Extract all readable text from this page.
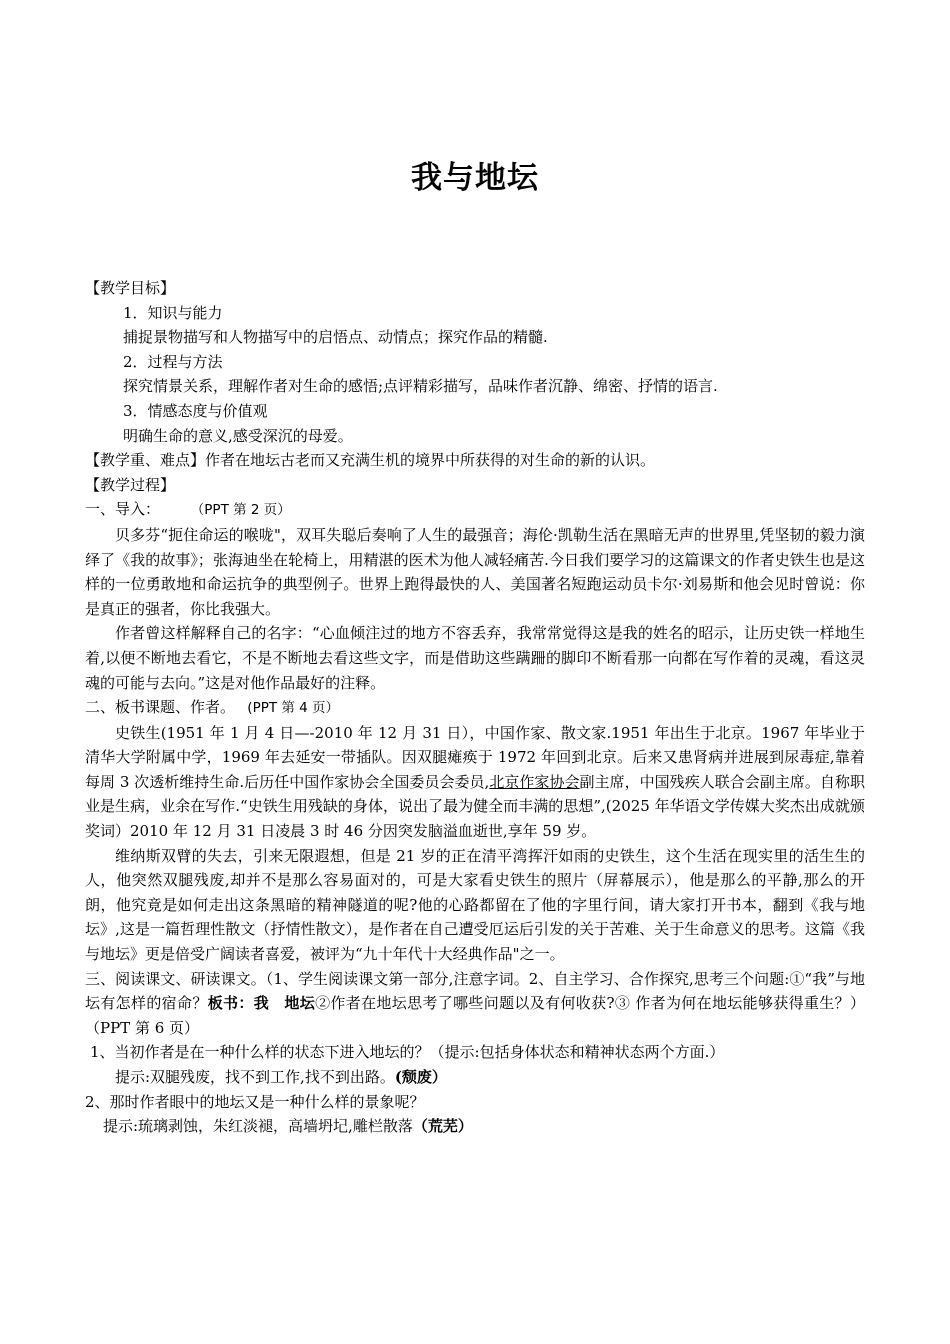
我与地坛

【教学目标】

1．知识与能力

捕捉景物描写和人物描写中的启悟点、动情点；探究作品的精髓.

2．过程与方法

探究情景关系，理解作者对生命的感悟;点评精彩描写，品味作者沉静、绵密、抒情的语言.

3．情感态度与价值观

明确生命的意义,感受深沉的母爱。

【教学重、难点】作者在地坛古老而又充满生机的境界中所获得的对生命的新的认识。

【教学过程】

一、导入：　　　	（PPT 第 2 页）

贝多芬“扼住命运的喉咙"，双耳失聪后奏响了人生的最强音；海伦·凯勒生活在黑暗无声的世界里,凭坚韧的毅力演绎了《我的故事》；张海迪坐在轮椅上，用精湛的医术为他人减轻痛苦.今日我们要学习的这篇课文的作者史铁生也是这样的一位勇敢地和命运抗争的典型例子。世界上跑得最快的人、美国著名短跑运动员卡尔·刘易斯和他会见时曾说：你是真正的强者，你比我强大。

作者曾这样解释自己的名字：“心血倾注过的地方不容丢弃，我常常觉得这是我的姓名的昭示，让历史铁一样地生着,以便不断地去看它，不是不断地去看这些文字，而是借助这些蹒跚的脚印不断看那一向都在写作着的灵魂，看这灵魂的可能与去向。”这是对他作品最好的注释。

二、板书课题、作者。　 (PPT 第 4 页）

史铁生(1951 年 1 月 4 日—-2010 年 12 月 31 日），中国作家、散文家.1951 年出生于北京。1967 年毕业于清华大学附属中学，1969 年去延安一带插队。因双腿瘫痪于 1972 年回到北京。后来又患肾病并进展到尿毒症,靠着每周 3 次透析维持生命.后历任中国作家协会全国委员会委员,北京作家协会副主席，中国残疾人联合会副主席。自称职业是生病，业余在写作.“史铁生用残缺的身体，说出了最为健全而丰满的思想”,(2025 年华语文学传媒大奖杰出成就颁奖词）2010 年 12 月 31 日凌晨 3 时 46 分因突发脑溢血逝世,享年 59 岁。

维纳斯双臂的失去，引来无限遐想，但是 21 岁的正在清平湾挥汗如雨的史铁生，这个生活在现实里的活生生的人，他突然双腿残废,却并不是那么容易面对的，可是大家看史铁生的照片（屏幕展示），他是那么的平静,那么的开朗，他究竟是如何走出这条黑暗的精神隧道的呢?他的心路都留在了他的字里行间，请大家打开书本，翻到《我与地坛》,这是一篇哲理性散文（抒情性散文），是作者在自己遭受厄运后引发的关于苦难、关于生命意义的思考。这篇《我与地坛》更是倍受广阔读者喜爱，被评为“九十年代十大经典作品"之一。

三、阅读课文、研读课文。（1、学生阅读课文第一部分,注意字词。2、自主学习、合作探究,思考三个问题:①“我”与地坛有怎样的宿命？板书：我　地坛②作者在地坛思考了哪些问题以及有何收获?③ 作者为何在地坛能够获得重生？）（PPT 第 6 页）

1、当初作者是在一种什么样的状态下进入地坛的？（提示:包括身体状态和精神状态两个方面.）

提示:双腿残废，找不到工作,找不到出路。(颓废）

2、那时作者眼中的地坛又是一种什么样的景象呢？

提示:琉璃剥蚀，朱红淡褪，高墙坍圮,雕栏散落（荒芜）
